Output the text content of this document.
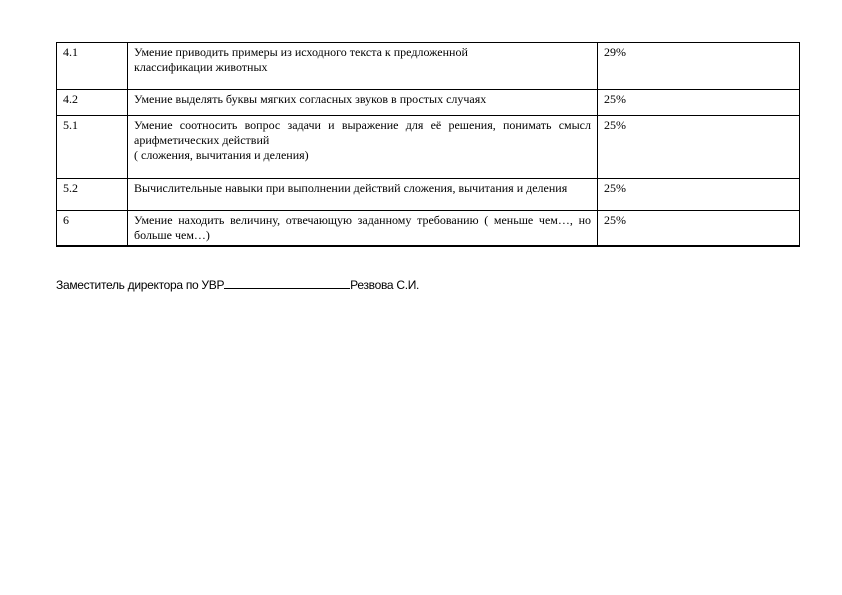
4.1	Умение приводить примеры из исходного текста к предложенной
классификации животных	29%
4.2	Умение выделять буквы мягких согласных звуков в простых случаях	25%
5.1	Умение соотносить вопрос задачи и выражение для её решения, понимать смысл арифметических действий
( сложения, вычитания и деления)	25%
5.2	Вычислительные навыки при выполнении действий сложения, вычитания и деления	25%
6	Умение находить величину, отвечающую заданному требованию ( меньше чем…, но больше чем…)	25%
Заместитель директора по УВР	Резвова С.И.
